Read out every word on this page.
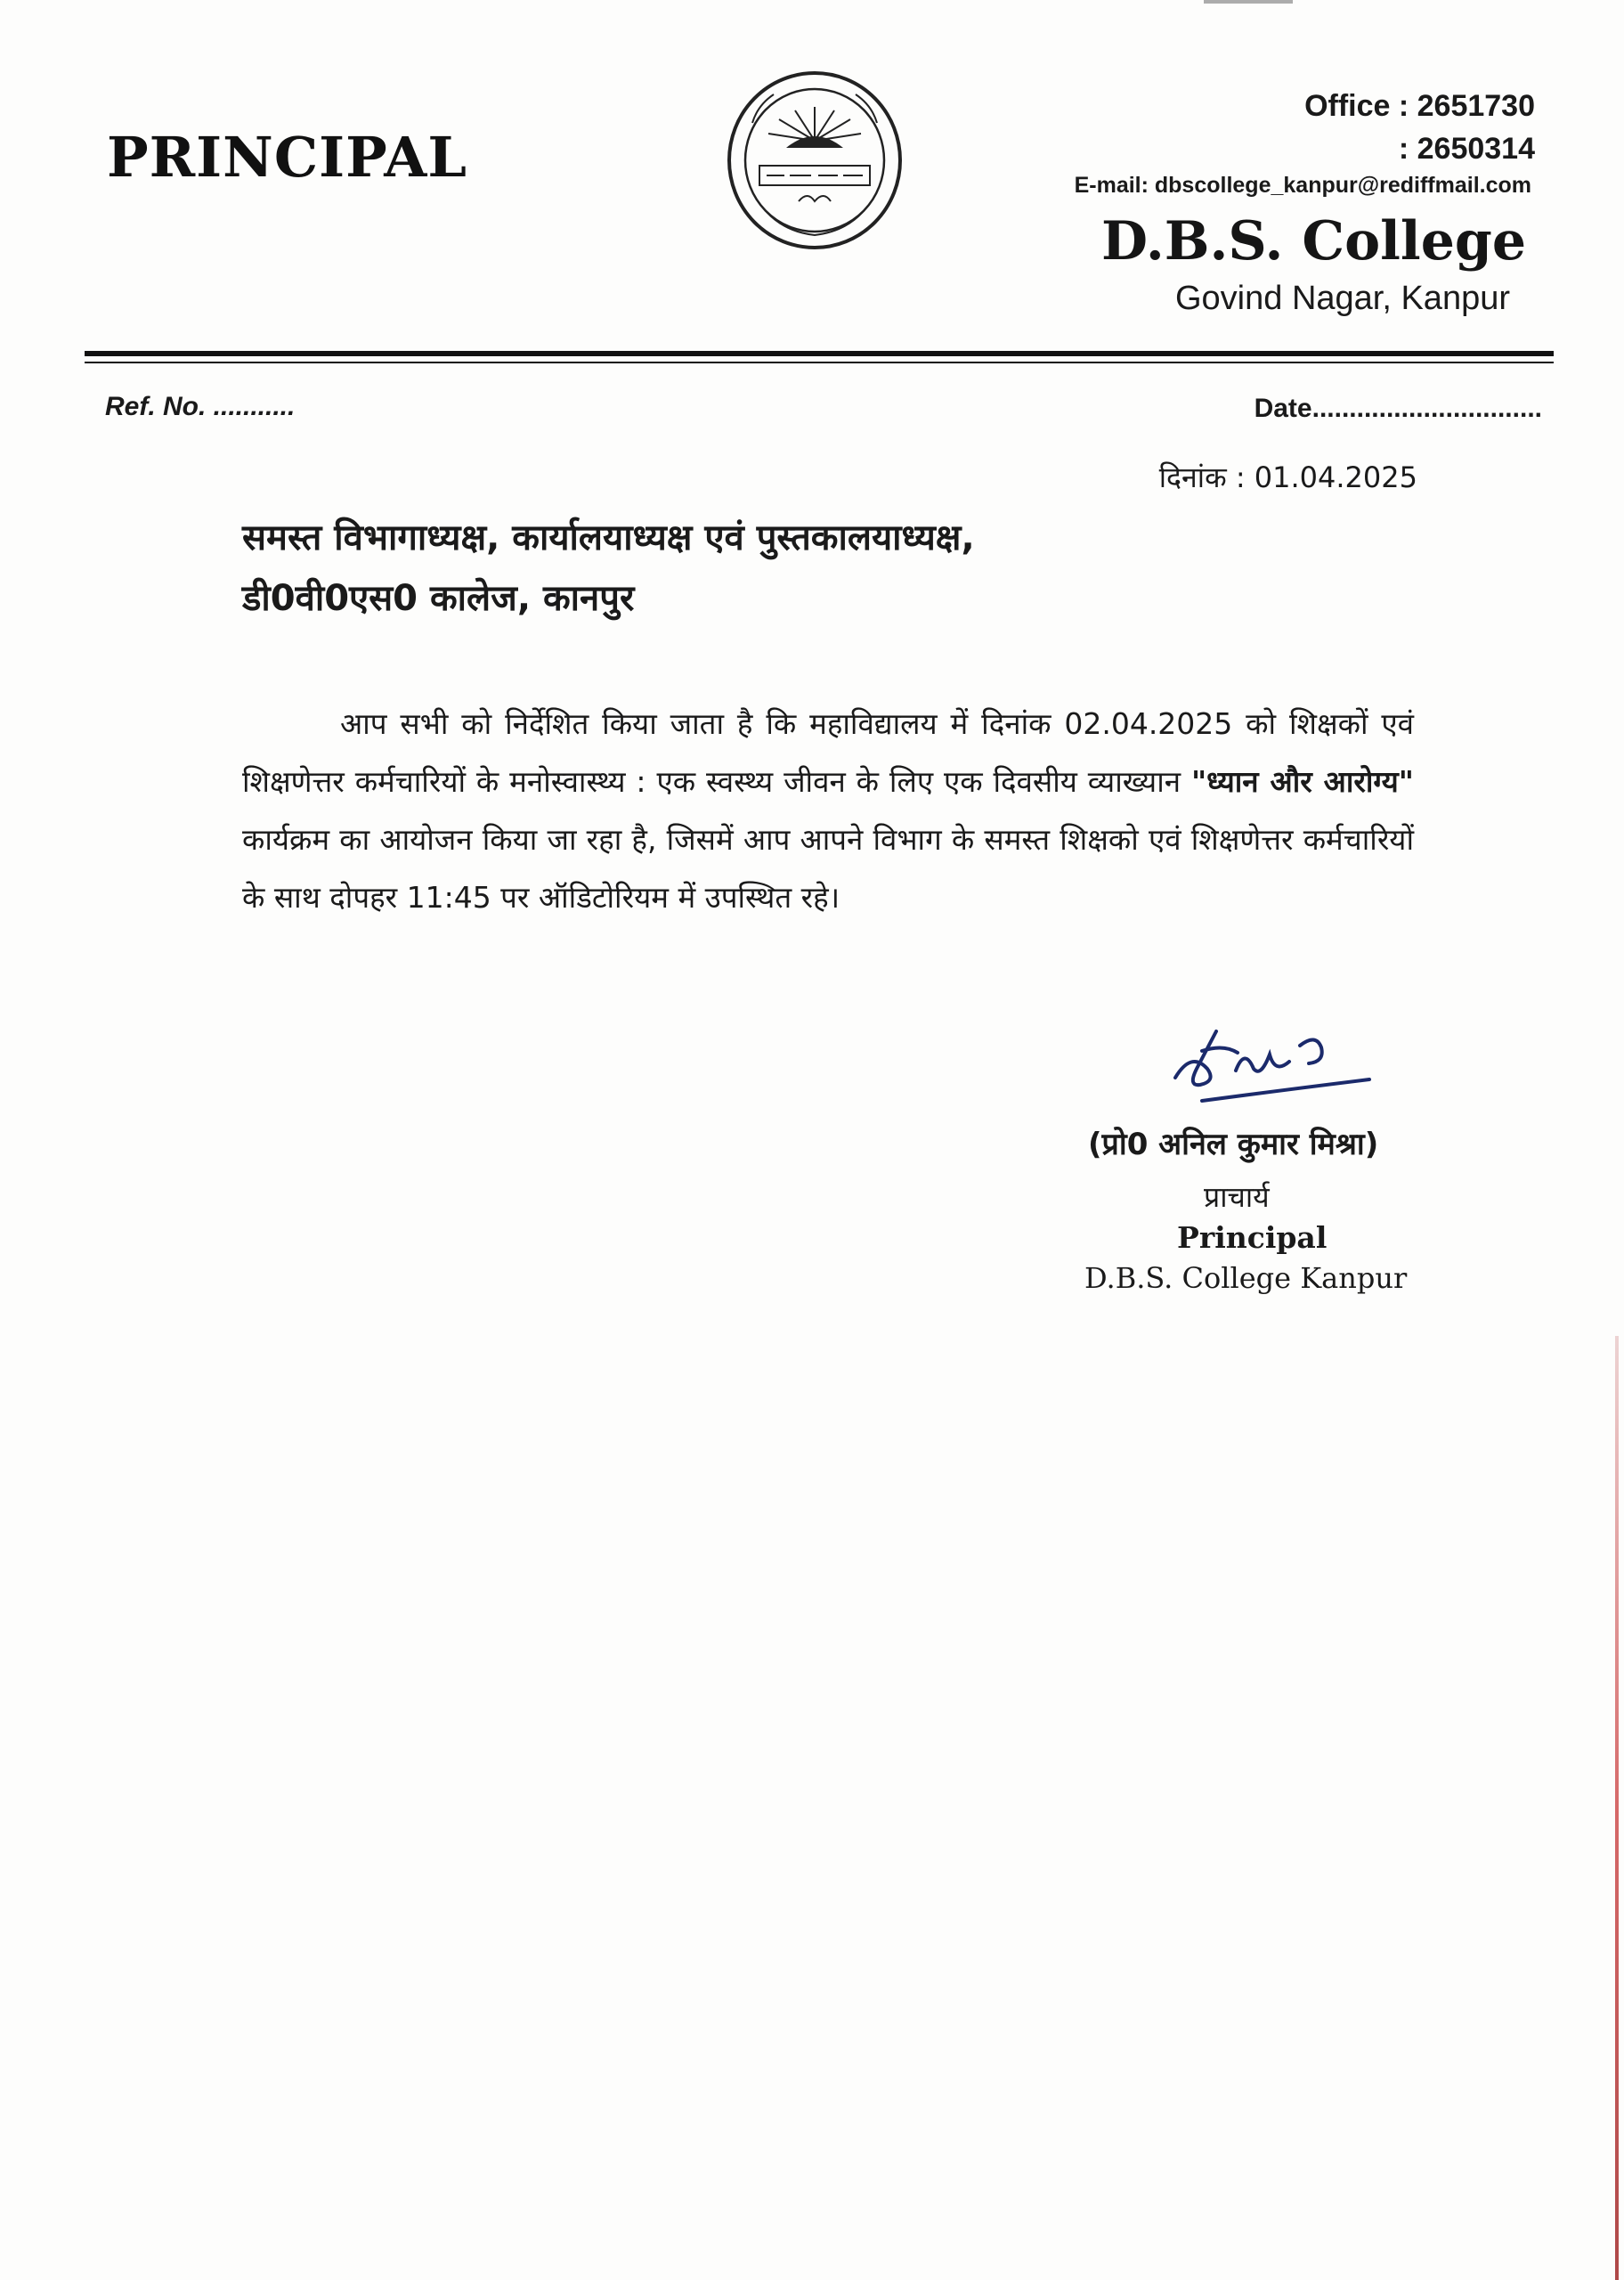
PRINCIPAL
Office : 2651730
: 2650314
E-mail: dbscollege_kanpur@rediffmail.com
D.B.S. College
Govind Nagar, Kanpur
Ref. No. ...........	Date...............................
दिनांक : 01.04.2025
समस्त विभागाध्यक्ष, कार्यालयाध्यक्ष एवं पुस्तकालयाध्यक्ष,
डी0वी0एस0 कालेज, कानपुर
आप सभी को निर्देशित किया जाता है कि महाविद्यालय में दिनांक 02.04.2025 को शिक्षकों एवं शिक्षणेत्तर कर्मचारियों के मनोस्वास्थ्य : एक स्वस्थ्य जीवन के लिए एक दिवसीय व्याख्यान "ध्यान और आरोग्य" कार्यक्रम का आयोजन किया जा रहा है, जिसमें आप आपने विभाग के समस्त शिक्षको एवं शिक्षणेत्तर कर्मचारियों के साथ दोपहर 11:45 पर ऑडिटोरियम में उपस्थित रहे।
(प्रो0 अनिल कुमार मिश्रा)
प्राचार्य
Principal
D.B.S. College Kanpur
